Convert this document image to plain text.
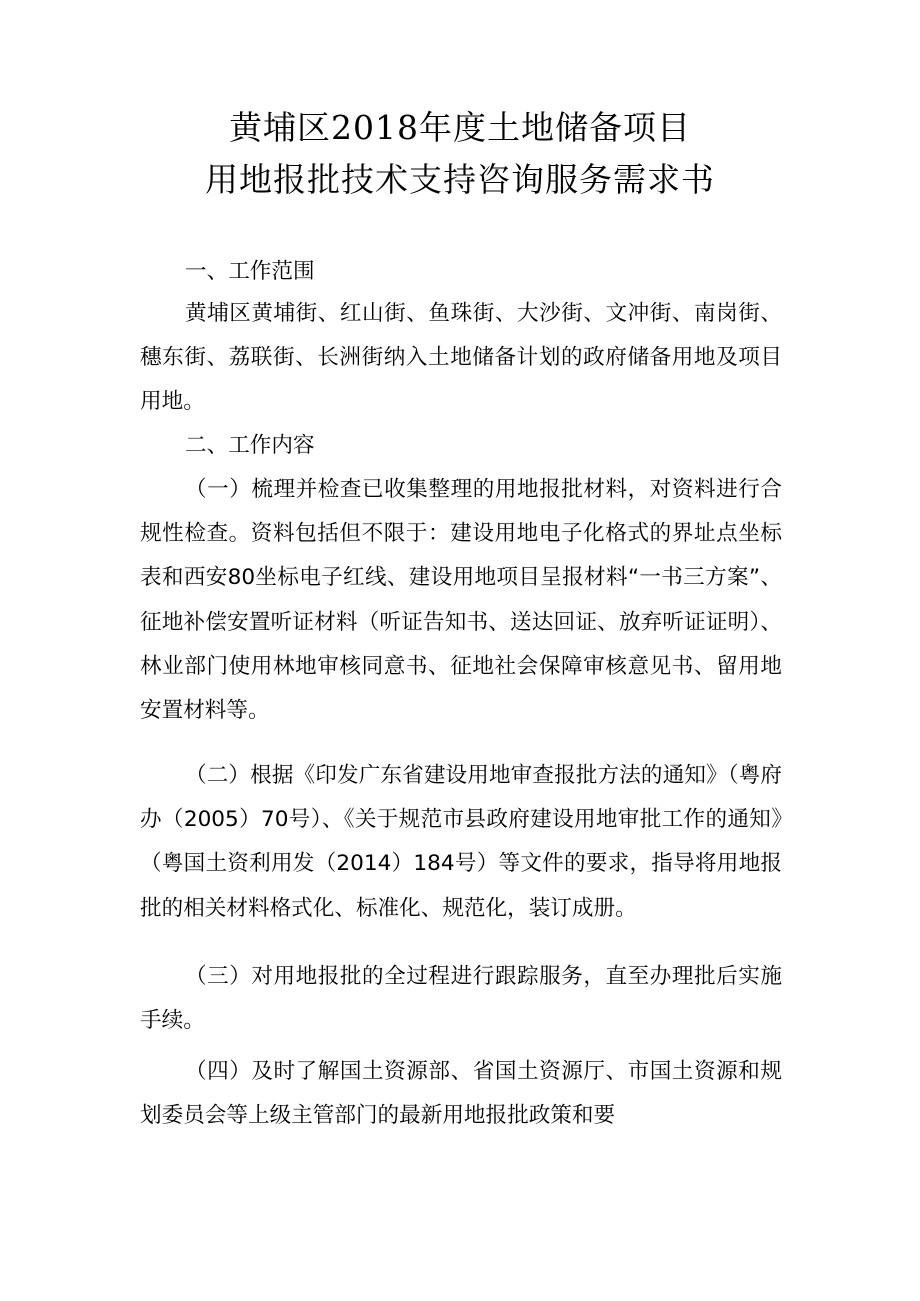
黄埔区2018年度土地储备项目
用地报批技术支持咨询服务需求书
一、工作范围
黄埔区黄埔街、红山街、鱼珠街、大沙街、文冲街、南岗街、穗东街、荔联街、长洲街纳入土地储备计划的政府储备用地及项目用地。
二、工作内容
（一）梳理并检查已收集整理的用地报批材料，对资料进行合规性检查。资料包括但不限于：建设用地电子化格式的界址点坐标表和西安80坐标电子红线、建设用地项目呈报材料“一书三方案”、征地补偿安置听证材料（听证告知书、送达回证、放弃听证证明）、林业部门使用林地审核同意书、征地社会保障审核意见书、留用地安置材料等。
（二）根据《印发广东省建设用地审查报批方法的通知》（粤府办（2005）70号）、《关于规范市县政府建设用地审批工作的通知》（粤国土资利用发（2014）184号）等文件的要求，指导将用地报批的相关材料格式化、标准化、规范化，装订成册。
（三）对用地报批的全过程进行跟踪服务，直至办理批后实施手续。
（四）及时了解国土资源部、省国土资源厅、市国土资源和规划委员会等上级主管部门的最新用地报批政策和要
